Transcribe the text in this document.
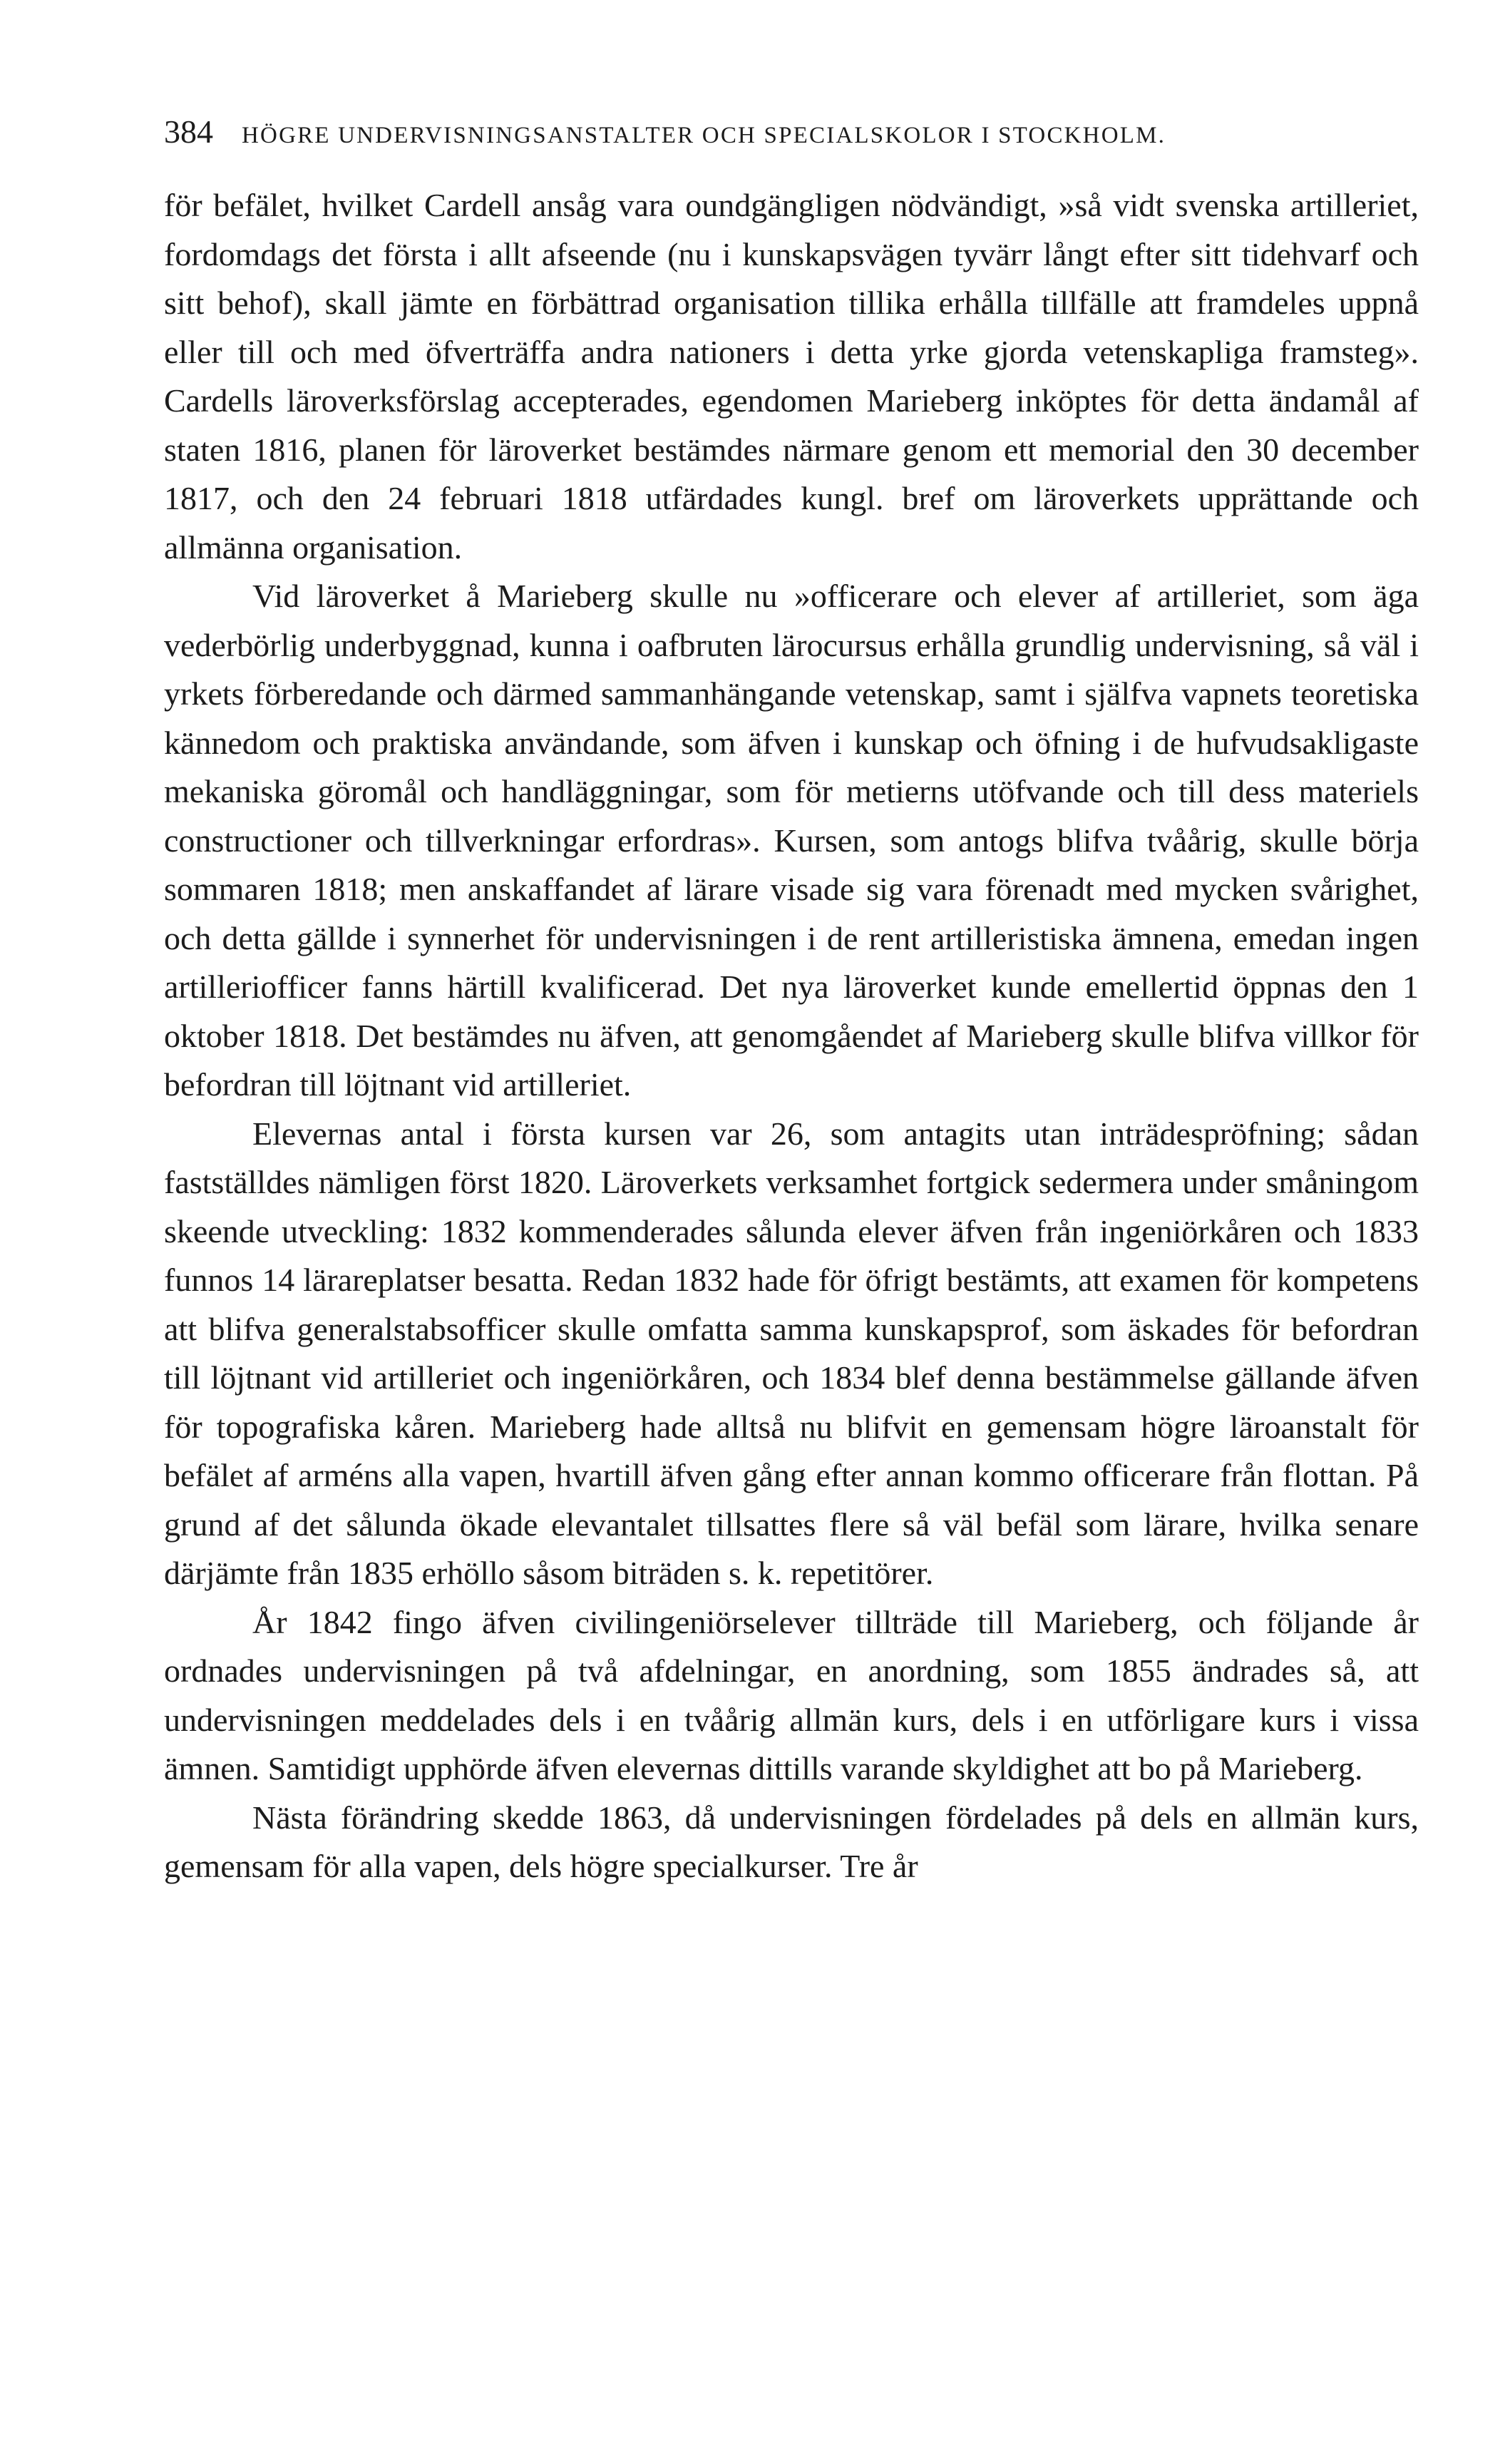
384 HÖGRE UNDERVISNINGSANSTALTER OCH SPECIALSKOLOR I STOCKHOLM.

för befälet, hvilket Cardell ansåg vara oundgängligen nödvändigt, »så vidt svenska artilleriet, fordomdags det första i allt afseende (nu i kunskapsvägen tyvärr långt efter sitt tidehvarf och sitt behof), skall jämte en förbättrad organisation tillika erhålla tillfälle att framdeles uppnå eller till och med öfverträffa andra nationers i detta yrke gjorda vetenskapliga framsteg». Cardells läroverksförslag accepterades, egendomen Marieberg inköptes för detta ändamål af staten 1816, planen för läroverket bestämdes närmare genom ett memorial den 30 december 1817, och den 24 februari 1818 utfärdades kungl. bref om läroverkets upprättande och allmänna organisation.

Vid läroverket å Marieberg skulle nu »officerare och elever af artilleriet, som äga vederbörlig underbyggnad, kunna i oafbruten lärocursus erhålla grundlig undervisning, så väl i yrkets förberedande och därmed sammanhängande vetenskap, samt i själfva vapnets teoretiska kännedom och praktiska användande, som äfven i kunskap och öfning i de hufvudsakligaste mekaniska göromål och handläggningar, som för metierns utöfvande och till dess materiels constructioner och tillverkningar erfordras». Kursen, som antogs blifva tvåårig, skulle börja sommaren 1818; men anskaffandet af lärare visade sig vara förenadt med mycken svårighet, och detta gällde i synnerhet för undervisningen i de rent artilleristiska ämnena, emedan ingen artilleriofficer fanns härtill kvalificerad. Det nya läroverket kunde emellertid öppnas den 1 oktober 1818. Det bestämdes nu äfven, att genomgåendet af Marieberg skulle blifva villkor för befordran till löjtnant vid artilleriet.

Elevernas antal i första kursen var 26, som antagits utan inträdespröfning; sådan fastställdes nämligen först 1820. Läroverkets verksamhet fortgick sedermera under småningom skeende utveckling: 1832 kommenderades sålunda elever äfven från ingeniörkåren och 1833 funnos 14 lärareplatser besatta. Redan 1832 hade för öfrigt bestämts, att examen för kompetens att blifva generalstabsofficer skulle omfatta samma kunskapsprof, som äskades för befordran till löjtnant vid artilleriet och ingeniörkåren, och 1834 blef denna bestämmelse gällande äfven för topografiska kåren. Marieberg hade alltså nu blifvit en gemensam högre läroanstalt för befälet af arméns alla vapen, hvartill äfven gång efter annan kommo officerare från flottan. På grund af det sålunda ökade elevantalet tillsattes flere så väl befäl som lärare, hvilka senare därjämte från 1835 erhöllo såsom biträden s. k. repetitörer.

År 1842 fingo äfven civilingeniörselever tillträde till Marieberg, och följande år ordnades undervisningen på två afdelningar, en anordning, som 1855 ändrades så, att undervisningen meddelades dels i en tvåårig allmän kurs, dels i en utförligare kurs i vissa ämnen. Samtidigt upphörde äfven elevernas dittills varande skyldighet att bo på Marieberg.

Nästa förändring skedde 1863, då undervisningen fördelades på dels en allmän kurs, gemensam för alla vapen, dels högre specialkurser. Tre år
